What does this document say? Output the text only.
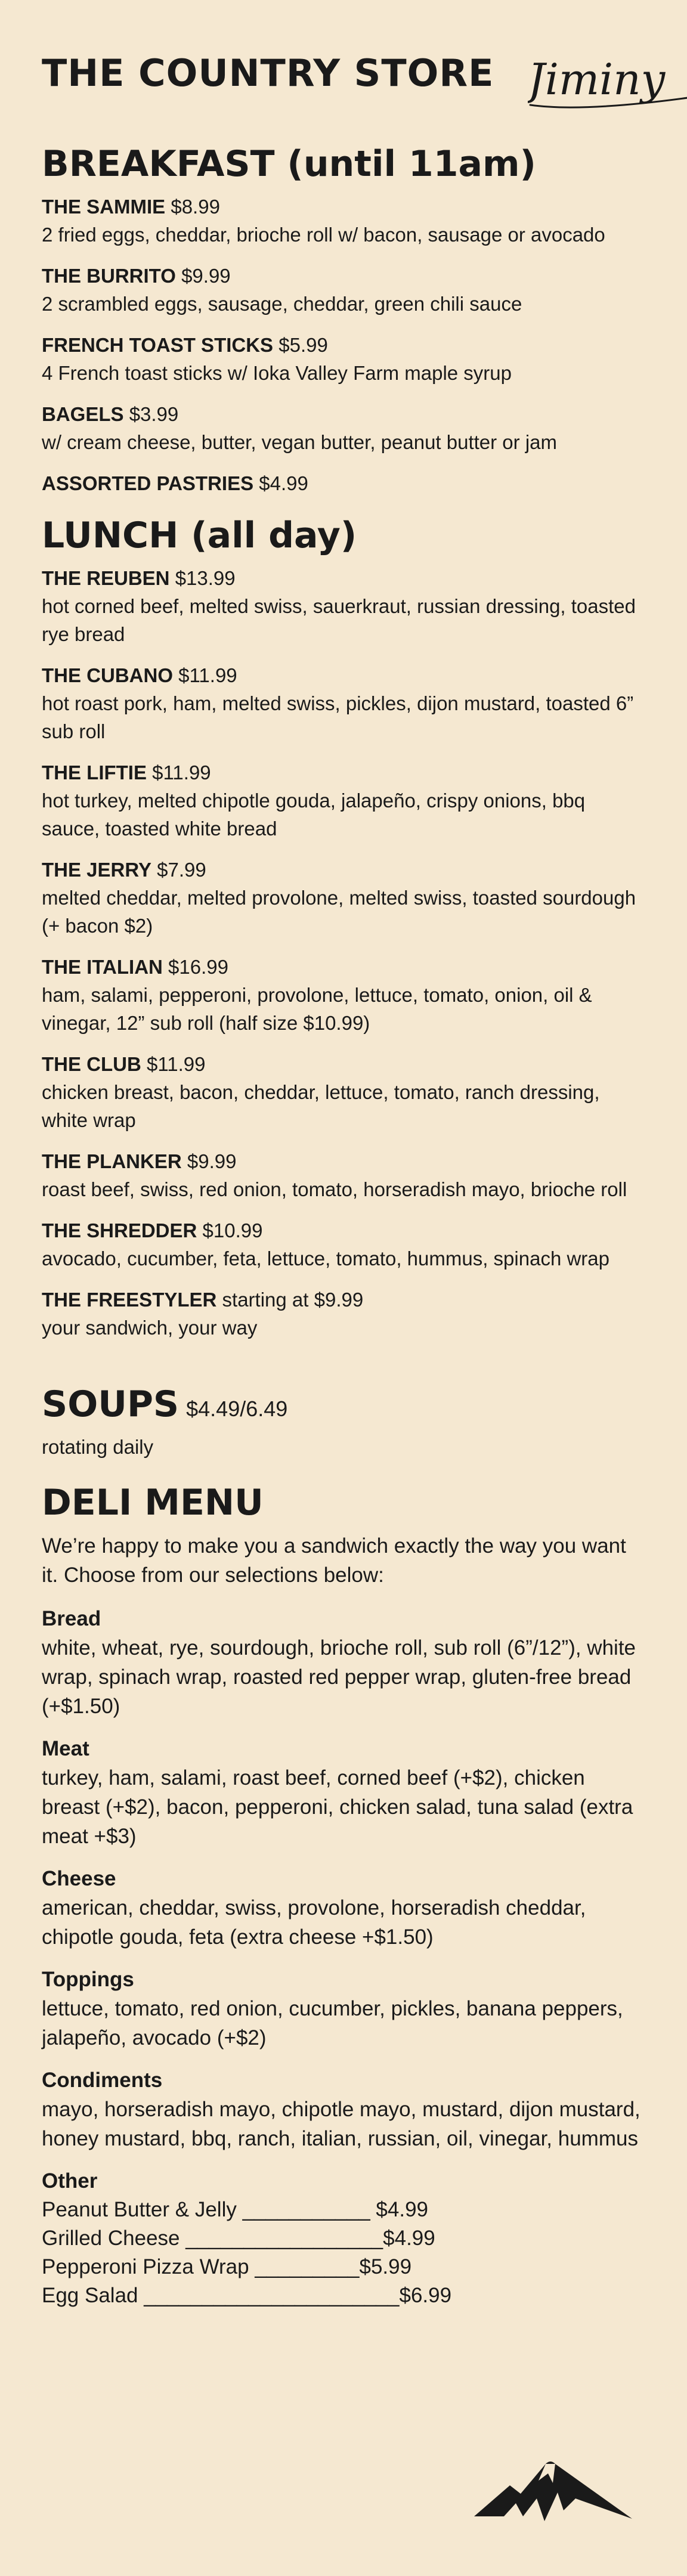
THE COUNTRY STORE Jiminy
BREAKFAST (until 11am)
THE SAMMIE $8.99
2 fried eggs, cheddar, brioche roll w/ bacon, sausage or avocado
THE BURRITO $9.99
2 scrambled eggs, sausage, cheddar, green chili sauce
FRENCH TOAST STICKS $5.99
4 French toast sticks w/ Ioka Valley Farm maple syrup
BAGELS $3.99
w/ cream cheese, butter, vegan butter, peanut butter or jam
ASSORTED PASTRIES $4.99
LUNCH (all day)
THE REUBEN $13.99
hot corned beef, melted swiss, sauerkraut, russian dressing, toasted rye bread
THE CUBANO $11.99
hot roast pork, ham, melted swiss, pickles, dijon mustard, toasted 6” sub roll
THE LIFTIE $11.99
hot turkey, melted chipotle gouda, jalapeño, crispy onions, bbq sauce, toasted white bread
THE JERRY $7.99
melted cheddar, melted provolone, melted swiss, toasted sourdough (+ bacon $2)
THE ITALIAN $16.99
ham, salami, pepperoni, provolone, lettuce, tomato, onion, oil & vinegar, 12” sub roll (half size $10.99)
THE CLUB $11.99
chicken breast, bacon, cheddar, lettuce, tomato, ranch dressing, white wrap
THE PLANKER $9.99
roast beef, swiss, red onion, tomato, horseradish mayo, brioche roll
THE SHREDDER $10.99
avocado, cucumber, feta, lettuce, tomato, hummus, spinach wrap
THE FREESTYLER starting at $9.99
your sandwich, your way
SOUPS $4.49/6.49
rotating daily
DELI MENU
We’re happy to make you a sandwich exactly the way you want it. Choose from our selections below:
Bread
white, wheat, rye, sourdough, brioche roll, sub roll (6”/12”), white wrap, spinach wrap, roasted red pepper wrap, gluten-free bread (+$1.50)
Meat
turkey, ham, salami, roast beef, corned beef (+$2), chicken breast (+$2), bacon, pepperoni, chicken salad, tuna salad (extra meat +$3)
Cheese
american, cheddar, swiss, provolone, horseradish cheddar, chipotle gouda, feta (extra cheese +$1.50)
Toppings
lettuce, tomato, red onion, cucumber, pickles, banana peppers, jalapeño, avocado (+$2)
Condiments
mayo, horseradish mayo, chipotle mayo, mustard, dijon mustard, honey mustard, bbq, ranch, italian, russian, oil, vinegar, hummus
Other
Peanut Butter & Jelly ___________ $4.99
Grilled Cheese _________________$4.99
Pepperoni Pizza Wrap _________$5.99
Egg Salad ______________________$6.99
